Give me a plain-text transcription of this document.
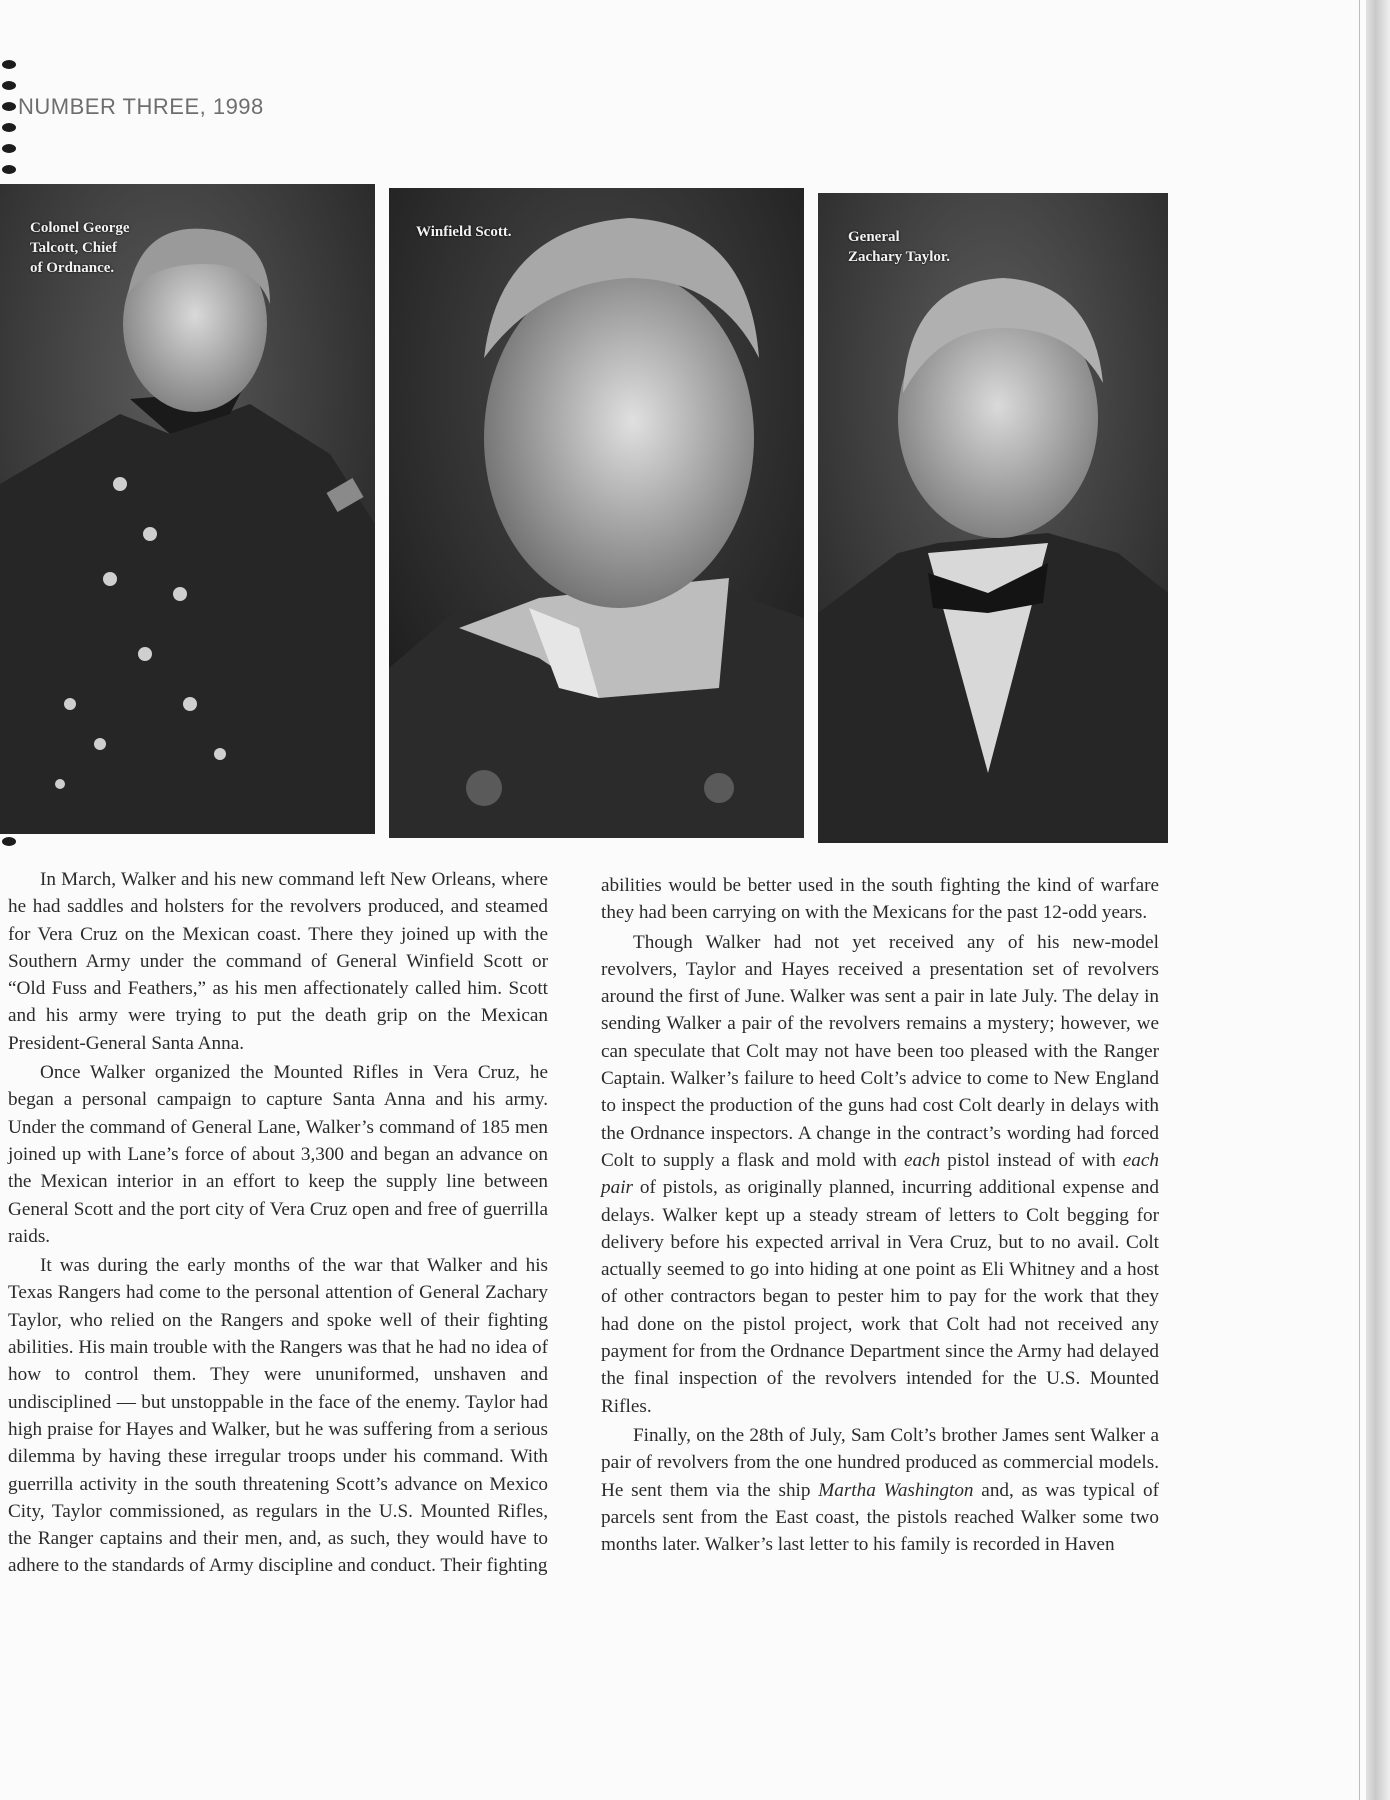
NUMBER THREE, 1998
Colonel George
Talcott, Chief
of Ordnance.
Winfield Scott.	General
Zachary Taylor.

In March, Walker and his new command left New Orleans, where he had saddles and holsters for the revolvers produced, and steamed for Vera Cruz on the Mexican coast. There they joined up with the Southern Army under the command of General Winfield Scott or “Old Fuss and Feathers,” as his men affectionately called him. Scott and his army were trying to put the death grip on the Mexican President-General Santa Anna.

Once Walker organized the Mounted Rifles in Vera Cruz, he began a personal campaign to capture Santa Anna and his army. Under the command of General Lane, Walker’s command of 185 men joined up with Lane’s force of about 3,300 and began an advance on the Mexican interior in an effort to keep the supply line between General Scott and the port city of Vera Cruz open and free of guerrilla raids.

It was during the early months of the war that Walker and his Texas Rangers had come to the personal attention of General Zachary Taylor, who relied on the Rangers and spoke well of their fighting abilities. His main trouble with the Rangers was that he had no idea of how to control them. They were ununiformed, unshaven and undisciplined — but unstoppable in the face of the enemy. Taylor had high praise for Hayes and Walker, but he was suffering from a serious dilemma by having these irregular troops under his command. With guerrilla activity in the south threatening Scott’s advance on Mexico City, Taylor commissioned, as regulars in the U.S. Mounted Rifles, the Ranger captains and their men, and, as such, they would have to adhere to the standards of Army discipline and conduct. Their fighting

abilities would be better used in the south fighting the kind of warfare they had been carrying on with the Mexicans for the past 12-odd years.

Though Walker had not yet received any of his new-model revolvers, Taylor and Hayes received a presentation set of revolvers around the first of June. Walker was sent a pair in late July. The delay in sending Walker a pair of the revolvers remains a mystery; however, we can speculate that Colt may not have been too pleased with the Ranger Captain. Walker’s failure to heed Colt’s advice to come to New England to inspect the production of the guns had cost Colt dearly in delays with the Ordnance inspectors. A change in the contract’s wording had forced Colt to supply a flask and mold with each pistol instead of with each pair of pistols, as originally planned, incurring additional expense and delays. Walker kept up a steady stream of letters to Colt begging for delivery before his expected arrival in Vera Cruz, but to no avail. Colt actually seemed to go into hiding at one point as Eli Whitney and a host of other contractors began to pester him to pay for the work that they had done on the pistol project, work that Colt had not received any payment for from the Ordnance Department since the Army had delayed the final inspection of the revolvers intended for the U.S. Mounted Rifles.

Finally, on the 28th of July, Sam Colt’s brother James sent Walker a pair of revolvers from the one hundred produced as commercial models. He sent them via the ship Martha Washington and, as was typical of parcels sent from the East coast, the pistols reached Walker some two months later. Walker’s last letter to his family is recorded in Haven
